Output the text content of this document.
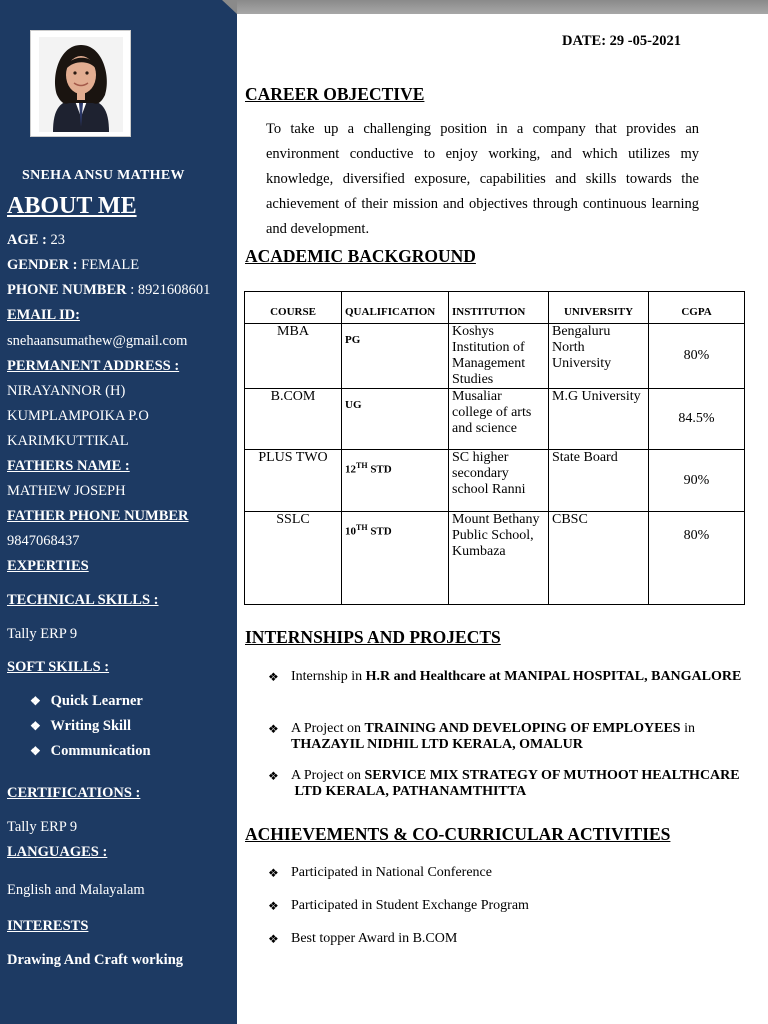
SNEHA ANSU MATHEW
ABOUT ME
AGE : 23
GENDER : FEMALE
PHONE NUMBER : 8921608601
EMAIL ID:
snehaansumathew@gmail.com
PERMANENT ADDRESS :
NIRAYANNOR (H)
KUMPLAMPOIKA P.O
KARIMKUTTIKAL
FATHERS NAME :
MATHEW JOSEPH
FATHER PHONE NUMBER
9847068437
EXPERTIES
TECHNICAL SKILLS :
Tally ERP 9
SOFT SKILLS :
❖ Quick Learner
❖ Writing Skill
❖ Communication
CERTIFICATIONS :
Tally ERP 9
LANGUAGES :
English and Malayalam
INTERESTS
Drawing And Craft working
DATE: 29 -05-2021
CAREER OBJECTIVE

To take up a challenging position in a company that provides an environment conductive to enjoy working, and which utilizes my knowledge, diversified exposure, capabilities and skills towards the achievement of their mission and objectives through continuous learning and development.

ACADEMIC BACKGROUND
COURSE	QUALIFICATION	INSTITUTION	UNIVERSITY	CGPA
MBA	PG	Koshys Institution of Management Studies	Bengaluru North University	80%
B.COM	UG	Musaliar college of arts and science	M.G University	84.5%
PLUS TWO	12TH STD	SC higher secondary school Ranni	State Board	90%
SSLC	10TH STD	Mount Bethany Public School, Kumbaza	CBSC	80%
INTERNSHIPS AND PROJECTS
❖ Internship in H.R and Healthcare at MANIPAL HOSPITAL, BANGALORE
❖ A Project on TRAINING AND DEVELOPING OF EMPLOYEES in
THAZAYIL NIDHIL LTD KERALA, OMALUR
❖ A Project on SERVICE MIX STRATEGY OF MUTHOOT HEALTHCARE
LTD KERALA, PATHANAMTHITTA
ACHIEVEMENTS & CO-CURRICULAR ACTIVITIES
❖ Participated in National Conference
❖ Participated in Student Exchange Program
❖ Best topper Award in B.COM
